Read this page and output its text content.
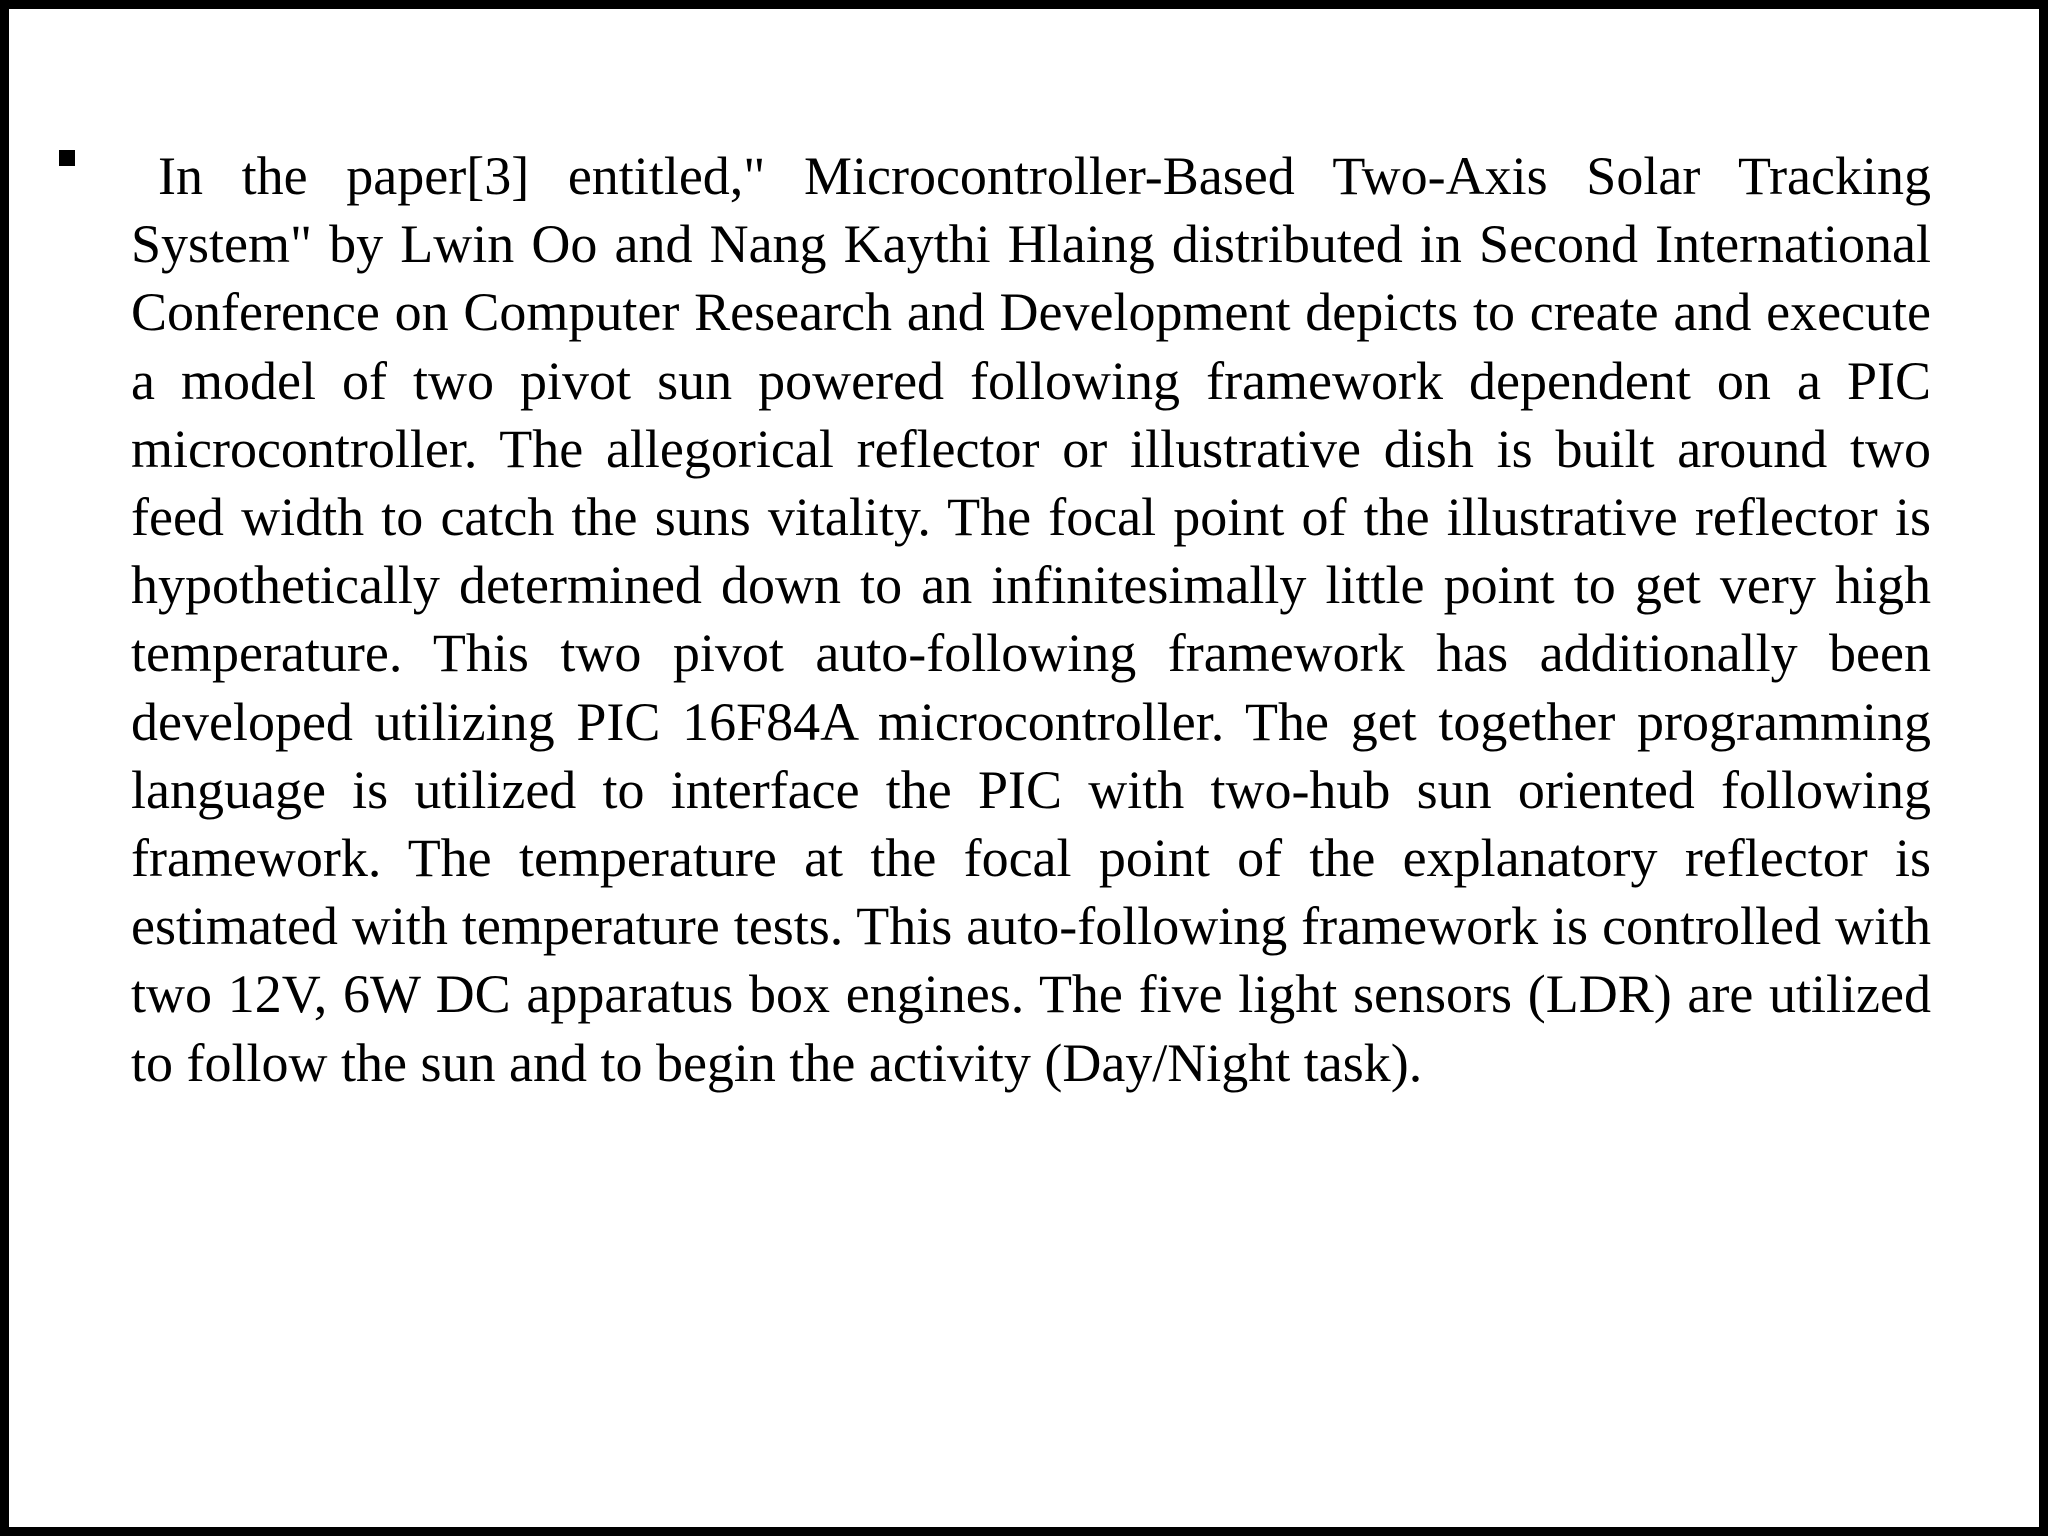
In the paper[3] entitled," Microcontroller-Based Two-Axis Solar Tracking System" by Lwin Oo and Nang Kaythi Hlaing distributed in Second International Conference on Computer Research and Development depicts to create and execute a model of two pivot sun powered following framework dependent on a PIC microcontroller. The allegorical reflector or illustrative dish is built around two feed width to catch the suns vitality. The focal point of the illustrative reflector is hypothetically determined down to an infinitesimally little point to get very high temperature. This two pivot auto-following framework has additionally been developed utilizing PIC 16F84A microcontroller. The get together programming language is utilized to interface the PIC with two-hub sun oriented following framework. The temperature at the focal point of the explanatory reflector is estimated with temperature tests. This auto-following framework is controlled with two 12V, 6W DC apparatus box engines. The five light sensors (LDR) are utilized to follow the sun and to begin the activity (Day/Night task).
